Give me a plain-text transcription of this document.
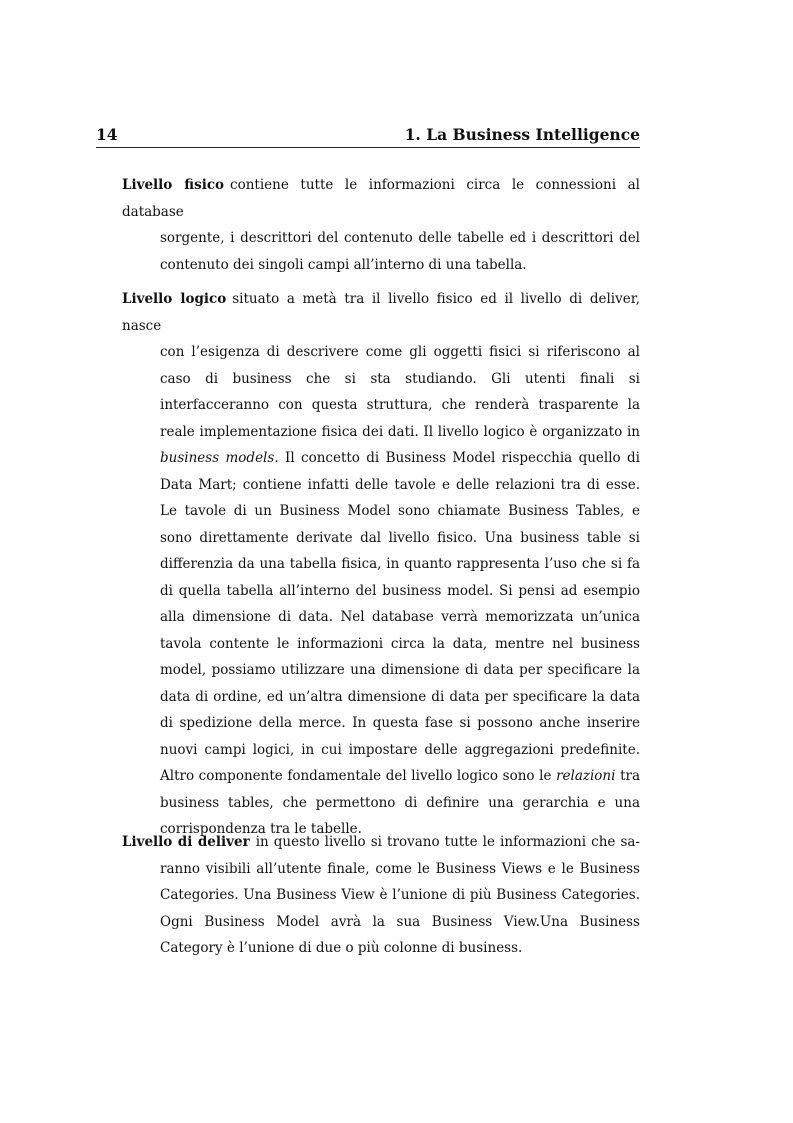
14	1. La Business Intelligence
Livello fisico contiene tutte le informazioni circa le connessioni al database
sorgente, i descrittori del contenuto delle tabelle ed i descrittori del contenuto dei singoli campi all’interno di una tabella.
Livello logico situato a metà tra il livello fisico ed il livello di deliver, nasce
con l’esigenza di descrivere come gli oggetti fisici si riferiscono al caso di business che si sta studiando. Gli utenti finali si interfacceranno con questa struttura, che renderà trasparente la reale implementazione fisica dei dati. Il livello logico è organizzato in business models. Il concetto di Business Model rispecchia quello di Data Mart; contiene infatti delle tavole e delle relazioni tra di esse. Le tavole di un Business Model sono chiamate Business Tables, e sono direttamente derivate dal livello fisico. Una business table si differenzia da una tabella fisica, in quanto rappresenta l’uso che si fa di quella tabella all’interno del business model. Si pensi ad esempio alla dimensione di data. Nel database verrà memorizzata un’unica tavola contente le informazioni circa la data, mentre nel business model, possiamo utilizzare una dimensione di data per specificare la data di ordine, ed un’altra dimensione di data per specificare la data di spedizione della merce. In questa fase si possono anche inserire nuovi campi logici, in cui impostare delle aggregazioni predefinite. Altro componente fondamentale del livello logico sono le relazioni tra business tables, che permettono di definire una gerarchia e una corrispondenza tra le tabelle.
Livello di deliver in questo livello si trovano tutte le informazioni che sa-
ranno visibili all’utente finale, come le Business Views e le Business Categories. Una Business View è l’unione di più Business Categories. Ogni Business Model avrà la sua Business View.Una Business Category è l’unione di due o più colonne di business.
